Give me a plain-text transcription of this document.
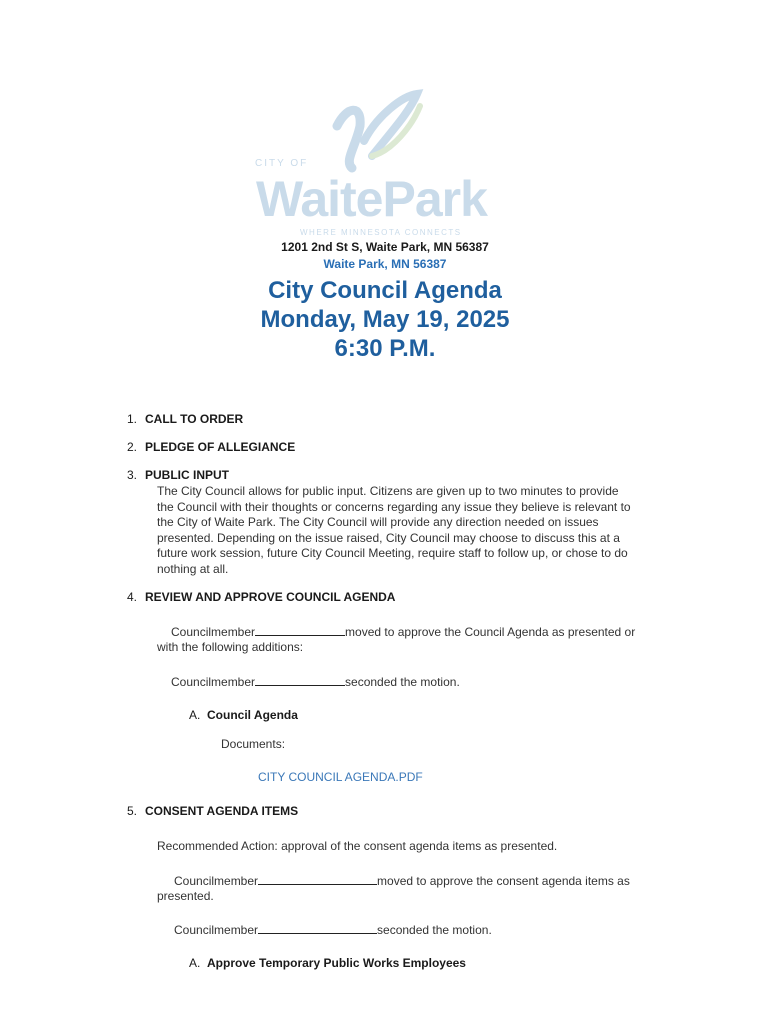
CITY OF
WaitePark
WHERE MINNESOTA CONNECTS
1201 2nd St S, Waite Park, MN 56387
Waite Park, MN 56387
City Council Agenda
Monday, May 19, 2025
6:30 P.M.
1. CALL TO ORDER
2. PLEDGE OF ALLEGIANCE
3. PUBLIC INPUT
The City Council allows for public input. Citizens are given up to two minutes to provide
the Council with their thoughts or concerns regarding any issue they believe is relevant to
the City of Waite Park. The City Council will provide any direction needed on issues
presented. Depending on the issue raised, City Council may choose to discuss this at a
future work session, future City Council Meeting, require staff to follow up, or chose to do
nothing at all.
4. REVIEW AND APPROVE COUNCIL AGENDA
Councilmember	moved to approve the Council Agenda as presented or
with the following additions:
Councilmember	seconded the motion.
A. Council Agenda
Documents:
CITY COUNCIL AGENDA.PDF
5. CONSENT AGENDA ITEMS
Recommended Action: approval of the consent agenda items as presented.
Councilmember	moved to approve the consent agenda items as
presented.
Councilmember	seconded the motion.
A. Approve Temporary Public Works Employees
